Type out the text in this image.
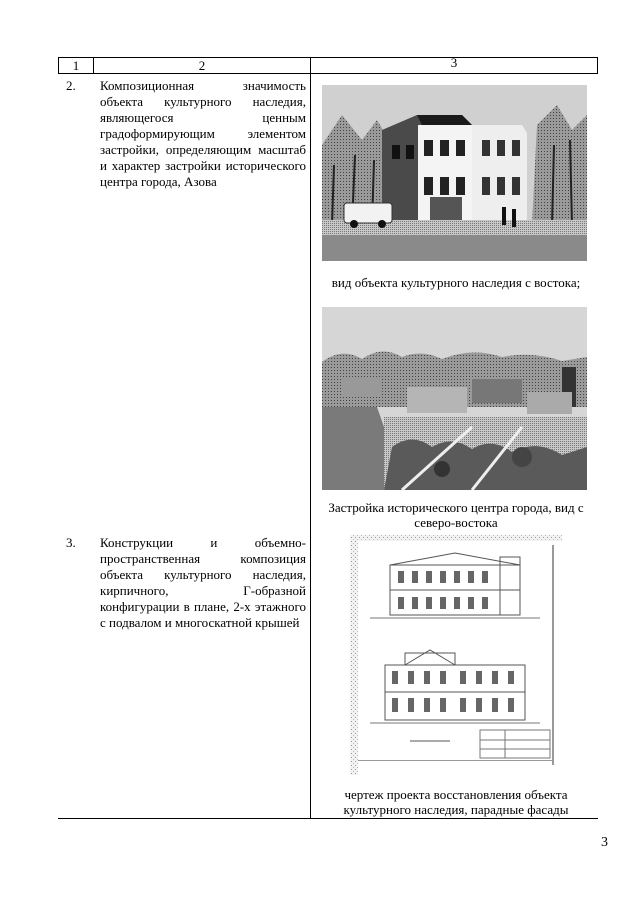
1	2	3
2. Композиционная значимость объекта культурного наследия, являющегося ценным градоформирующим элементом застройки, определяющим масштаб и характер застройки исторического центра города, Азова
вид объекта культурного наследия с востока;
Застройка исторического центра города, вид с северо-востока
3. Конструкции и объемно-пространственная композиция объекта культурного наследия, кирпичного, Г-образной конфигурации в плане, 2-х этажного с подвалом и многоскатной крышей
чертеж проекта восстановления объекта культурного наследия, парадные фасады
3
